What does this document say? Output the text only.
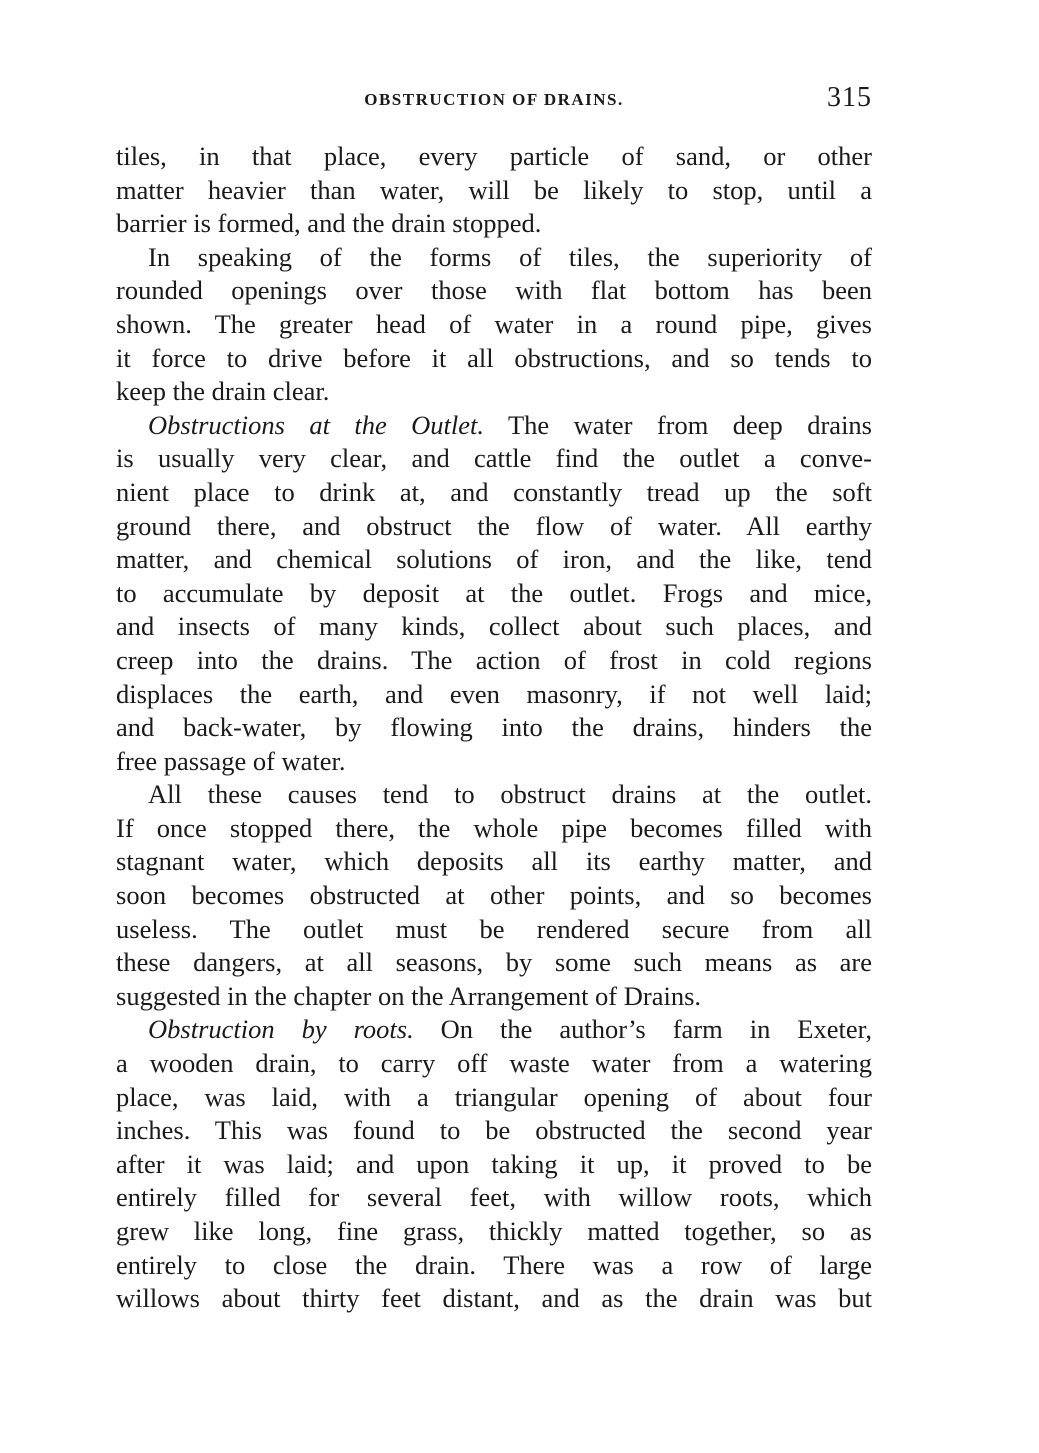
OBSTRUCTION OF DRAINS.	315
tiles, in that place, every particle of sand, or other
matter heavier than water, will be likely to stop, until a
barrier is formed, and the drain stopped.
In speaking of the forms of tiles, the superiority of
rounded openings over those with flat bottom has been
shown. The greater head of water in a round pipe, gives
it force to drive before it all obstructions, and so tends to
keep the drain clear.
Obstructions at the Outlet. The water from deep drains
is usually very clear, and cattle find the outlet a conve-
nient place to drink at, and constantly tread up the soft
ground there, and obstruct the flow of water. All earthy
matter, and chemical solutions of iron, and the like, tend
to accumulate by deposit at the outlet. Frogs and mice,
and insects of many kinds, collect about such places, and
creep into the drains. The action of frost in cold regions
displaces the earth, and even masonry, if not well laid;
and back-water, by flowing into the drains, hinders the
free passage of water.
All these causes tend to obstruct drains at the outlet.
If once stopped there, the whole pipe becomes filled with
stagnant water, which deposits all its earthy matter, and
soon becomes obstructed at other points, and so becomes
useless. The outlet must be rendered secure from all
these dangers, at all seasons, by some such means as are
suggested in the chapter on the Arrangement of Drains.
Obstruction by roots. On the author’s farm in Exeter,
a wooden drain, to carry off waste water from a watering
place, was laid, with a triangular opening of about four
inches. This was found to be obstructed the second year
after it was laid; and upon taking it up, it proved to be
entirely filled for several feet, with willow roots, which
grew like long, fine grass, thickly matted together, so as
entirely to close the drain. There was a row of large
willows about thirty feet distant, and as the drain was but
